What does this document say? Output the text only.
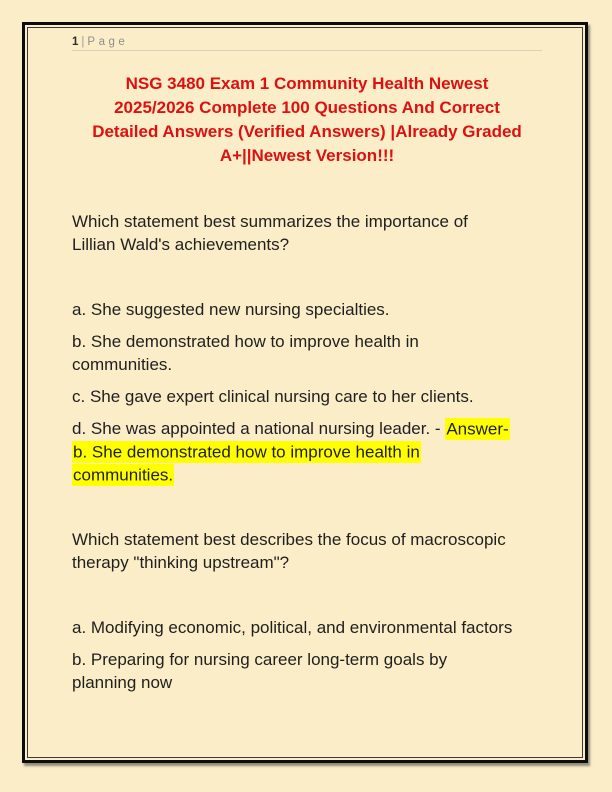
1 | Page
NSG 3480 Exam 1 Community Health Newest
2025/2026 Complete 100 Questions And Correct
Detailed Answers (Verified Answers) |Already Graded
A+||Newest Version!!!
Which statement best summarizes the importance of
Lillian Wald's achievements?
a. She suggested new nursing specialties.
b. She demonstrated how to improve health in
communities.
c. She gave expert clinical nursing care to her clients.
d. She was appointed a national nursing leader. - Answer-
b. She demonstrated how to improve health in
communities.
Which statement best describes the focus of macroscopic
therapy "thinking upstream"?
a. Modifying economic, political, and environmental factors
b. Preparing for nursing career long-term goals by
planning now
